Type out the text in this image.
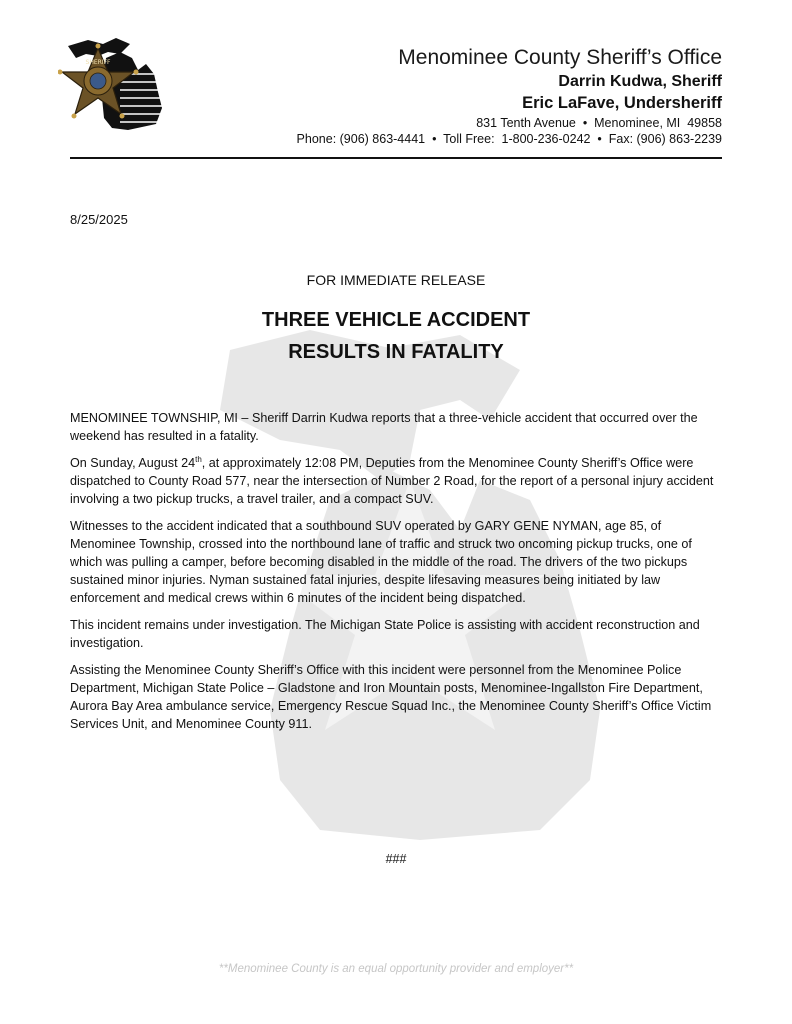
SHERIFF	Menominee County Sheriff’s Office
Darrin Kudwa, Sheriff
Eric LaFave, Undersheriff
831 Tenth Avenue  •  Menominee, MI  49858
Phone: (906) 863-4441  •  Toll Free:  1-800-236-0242  •  Fax: (906) 863-2239
8/25/2025
FOR IMMEDIATE RELEASE
THREE VEHICLE ACCIDENT
RESULTS IN FATALITY

MENOMINEE TOWNSHIP, MI – Sheriff Darrin Kudwa reports that a three-vehicle accident that occurred over the weekend has resulted in a fatality.

On Sunday, August 24th, at approximately 12:08 PM, Deputies from the Menominee County Sheriff’s Office were dispatched to County Road 577, near the intersection of Number 2 Road, for the report of a personal injury accident involving a two pickup trucks, a travel trailer, and a compact SUV.

Witnesses to the accident indicated that a southbound SUV operated by GARY GENE NYMAN, age 85, of Menominee Township, crossed into the northbound lane of traffic and struck two oncoming pickup trucks, one of which was pulling a camper, before becoming disabled in the middle of the road. The drivers of the two pickups sustained minor injuries. Nyman sustained fatal injuries, despite lifesaving measures being initiated by law enforcement and medical crews within 6 minutes of the incident being dispatched.

This incident remains under investigation. The Michigan State Police is assisting with accident reconstruction and investigation.

Assisting the Menominee County Sheriff’s Office with this incident were personnel from the Menominee Police Department, Michigan State Police – Gladstone and Iron Mountain posts, Menominee-Ingallston Fire Department, Aurora Bay Area ambulance service, Emergency Rescue Squad Inc., the Menominee County Sheriff’s Office Victim Services Unit, and Menominee County 911.

###
**Menominee County is an equal opportunity provider and employer**
